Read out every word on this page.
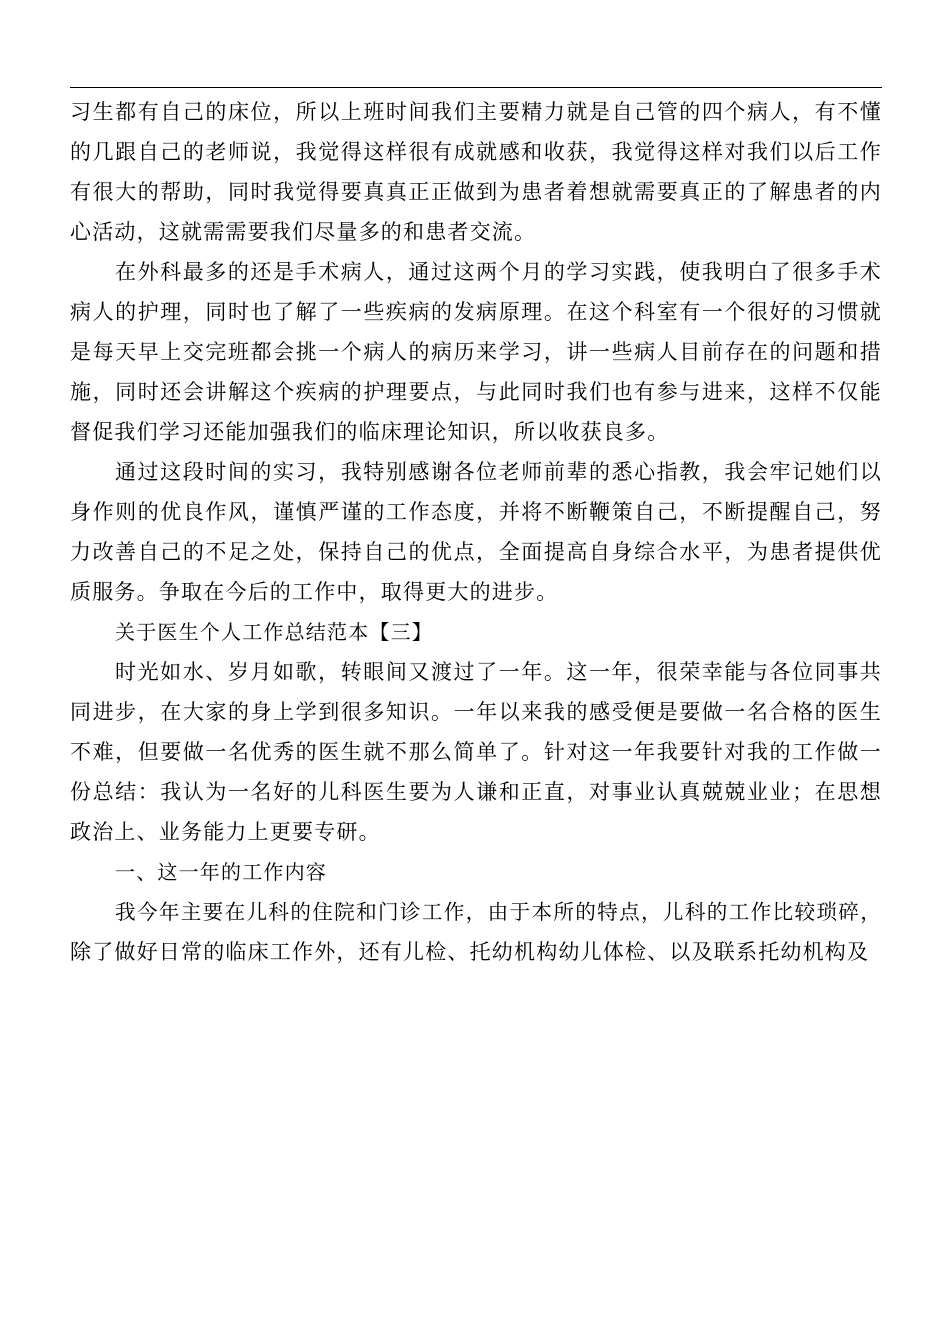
习生都有自己的床位，所以上班时间我们主要精力就是自己管的四个病人，有不懂
的几跟自己的老师说，我觉得这样很有成就感和收获，我觉得这样对我们以后工作
有很大的帮助，同时我觉得要真真正正做到为患者着想就需要真正的了解患者的内
心活动，这就需需要我们尽量多的和患者交流。
在外科最多的还是手术病人，通过这两个月的学习实践，使我明白了很多手术
病人的护理，同时也了解了一些疾病的发病原理。在这个科室有一个很好的习惯就
是每天早上交完班都会挑一个病人的病历来学习，讲一些病人目前存在的问题和措
施，同时还会讲解这个疾病的护理要点，与此同时我们也有参与进来，这样不仅能
督促我们学习还能加强我们的临床理论知识，所以收获良多。
通过这段时间的实习，我特别感谢各位老师前辈的悉心指教，我会牢记她们以
身作则的优良作风，谨慎严谨的工作态度，并将不断鞭策自己，不断提醒自己，努
力改善自己的不足之处，保持自己的优点，全面提高自身综合水平，为患者提供优
质服务。争取在今后的工作中，取得更大的进步。
关于医生个人工作总结范本【三】
时光如水、岁月如歌，转眼间又渡过了一年。这一年，很荣幸能与各位同事共
同进步，在大家的身上学到很多知识。一年以来我的感受便是要做一名合格的医生
不难，但要做一名优秀的医生就不那么简单了。针对这一年我要针对我的工作做一
份总结：我认为一名好的儿科医生要为人谦和正直，对事业认真兢兢业业；在思想
政治上、业务能力上更要专研。
一、这一年的工作内容
我今年主要在儿科的住院和门诊工作，由于本所的特点，儿科的工作比较琐碎，
除了做好日常的临床工作外，还有儿检、托幼机构幼儿体检、以及联系托幼机构及
